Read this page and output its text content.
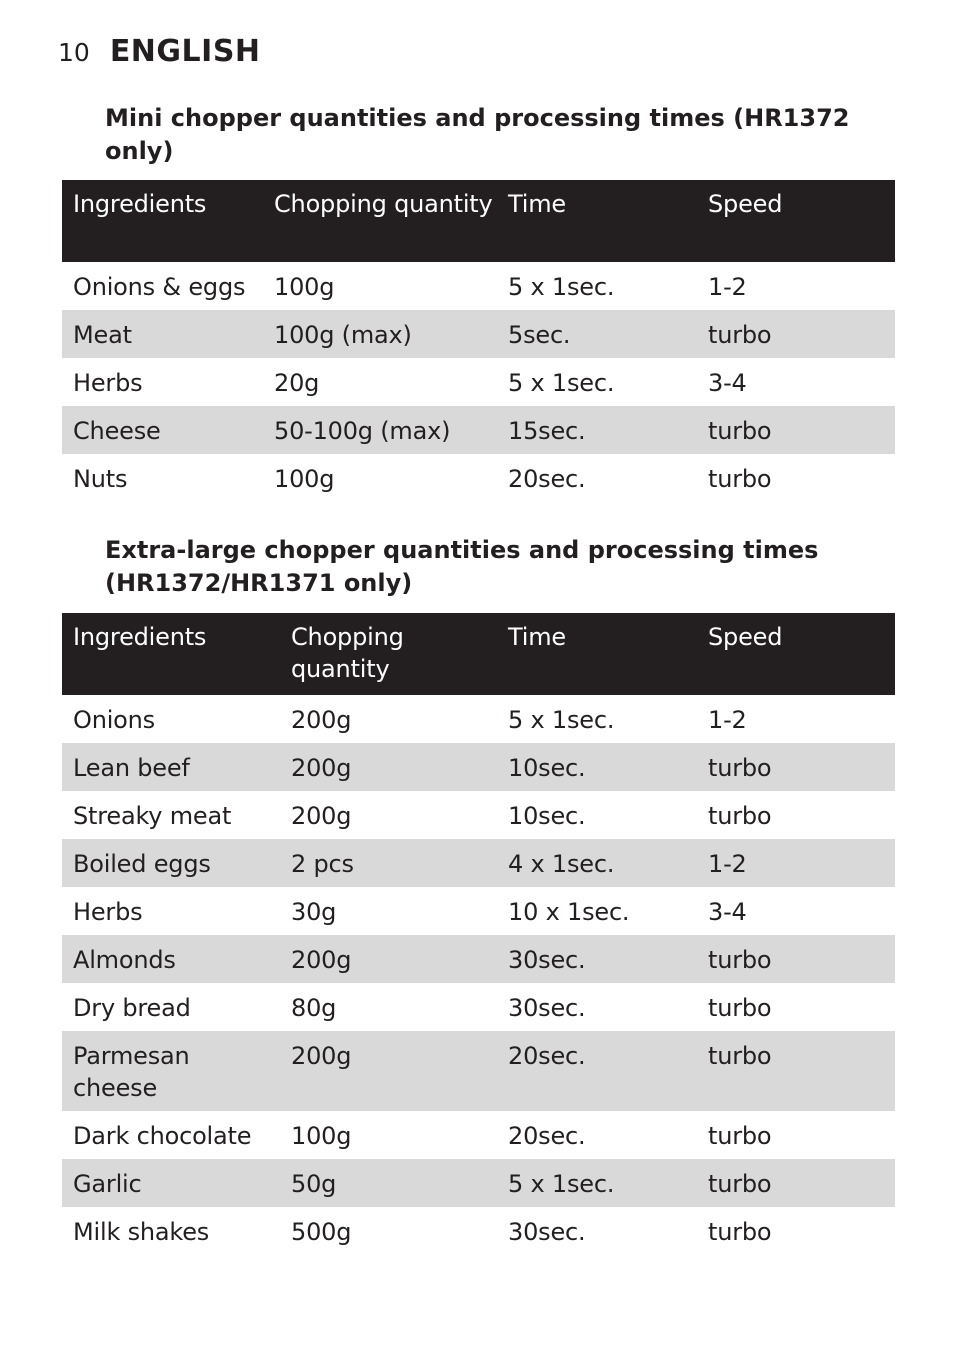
10 ENGLISH
Mini chopper quantities and processing times (HR1372 only)
Ingredients	Chopping quantity	Time	Speed
Onions & eggs	100g	5 x 1sec.	1-2
Meat	100g (max)	5sec.	turbo
Herbs	20g	5 x 1sec.	3-4
Cheese	50-100g (max)	15sec.	turbo
Nuts	100g	20sec.	turbo
Extra-large chopper quantities and processing times (HR1372/HR1371 only)
Ingredients	Chopping quantity	Time	Speed
Onions	200g	5 x 1sec.	1-2
Lean beef	200g	10sec.	turbo
Streaky meat	200g	10sec.	turbo
Boiled eggs	2 pcs	4 x 1sec.	1-2
Herbs	30g	10 x 1sec.	3-4
Almonds	200g	30sec.	turbo
Dry bread	80g	30sec.	turbo
Parmesan cheese	200g	20sec.	turbo
Dark chocolate	100g	20sec.	turbo
Garlic	50g	5 x 1sec.	turbo
Milk shakes	500g	30sec.	turbo
